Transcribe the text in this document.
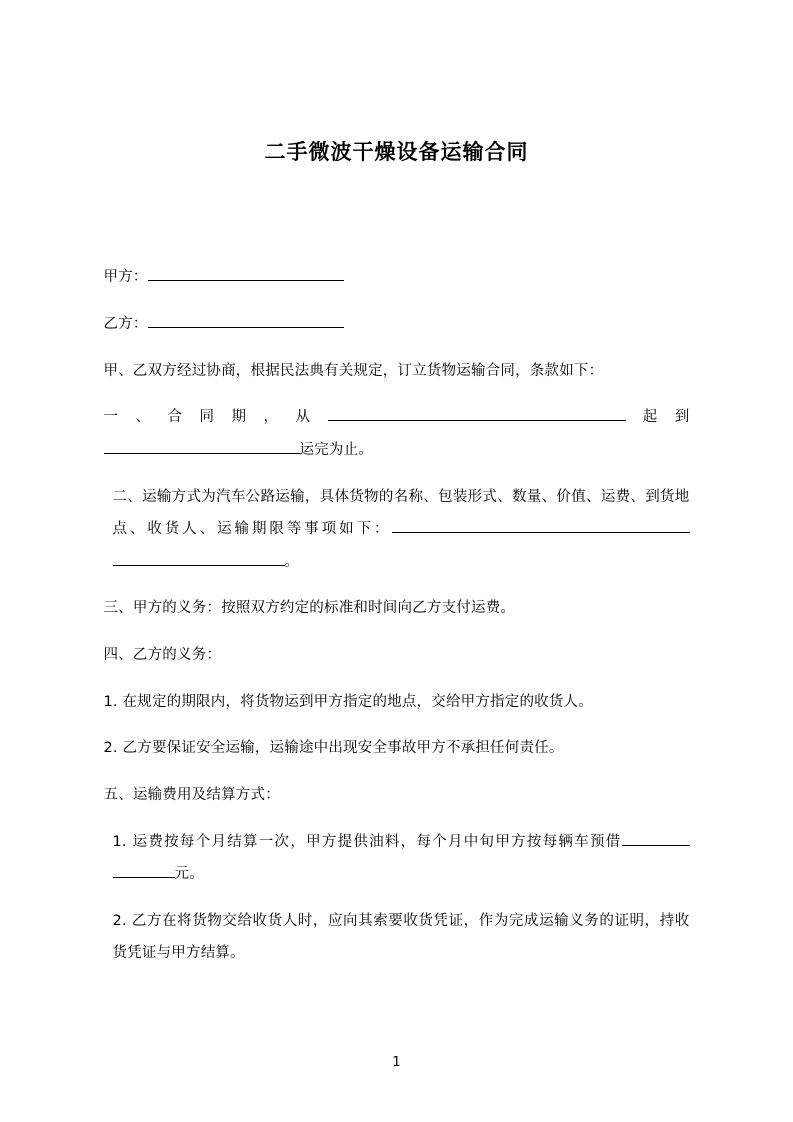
二手微波干燥设备运输合同

甲方：

乙方：

甲、乙双方经过协商，根据民法典有关规定，订立货物运输合同，条款如下：

一、合同期，从	起到运完为止。

二、运输方式为汽车公路运输，具体货物的名称、包装形式、数量、价值、运费、到货地点、收货人、运输期限等事项如下：。

三、甲方的义务：按照双方约定的标准和时间向乙方支付运费。

四、乙方的义务：

1. 在规定的期限内，将货物运到甲方指定的地点，交给甲方指定的收货人。

2. 乙方要保证安全运输，运输途中出现安全事故甲方不承担任何责任。

五、运输费用及结算方式：

1. 运费按每个月结算一次，甲方提供油料，每个月中旬甲方按每辆车预借元。

2. 乙方在将货物交给收货人时，应向其索要收货凭证，作为完成运输义务的证明，持收货凭证与甲方结算。

1
